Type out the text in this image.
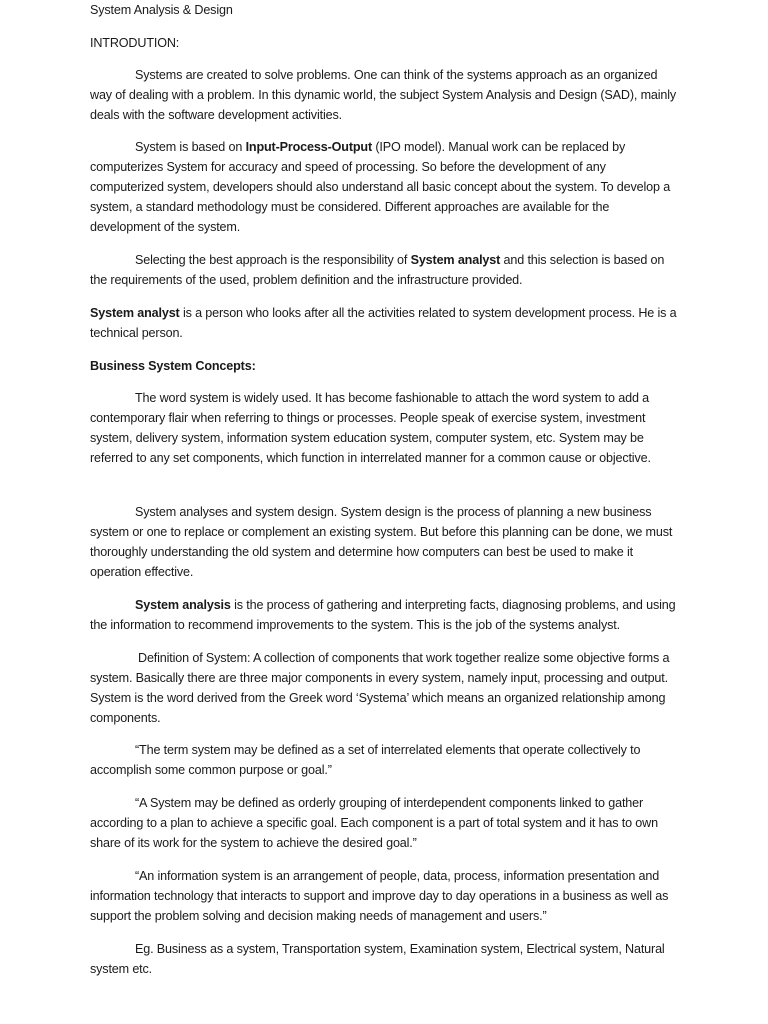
System Analysis & Design
INTRODUTION:

Systems are created to solve problems. One can think of the systems approach as an organized way of dealing with a problem. In this dynamic world, the subject System Analysis and Design (SAD), mainly deals with the software development activities.

System is based on Input-Process-Output (IPO model). Manual work can be replaced by computerizes System for accuracy and speed of processing. So before the development of any computerized system, developers should also understand all basic concept about the system. To develop a system, a standard methodology must be considered. Different approaches are available for the development of the system.

Selecting the best approach is the responsibility of System analyst and this selection is based on the requirements of the used, problem definition and the infrastructure provided.

System analyst is a person who looks after all the activities related to system development process. He is a technical person.

Business System Concepts:

The word system is widely used. It has become fashionable to attach the word system to add a contemporary flair when referring to things or processes. People speak of exercise system, investment system, delivery system, information system education system, computer system, etc. System may be referred to any set components, which function in interrelated manner for a common cause or objective.

System analyses and system design. System design is the process of planning a new business system or one to replace or complement an existing system. But before this planning can be done, we must thoroughly understanding the old system and determine how computers can best be used to make it operation effective.

System analysis is the process of gathering and interpreting facts, diagnosing problems, and using the information to recommend improvements to the system. This is the job of the systems analyst.

Definition of System: A collection of components that work together realize some objective forms a system. Basically there are three major components in every system, namely input, processing and output. System is the word derived from the Greek word ‘Systema’ which means an organized relationship among components.

“The term system may be defined as a set of interrelated elements that operate collectively to accomplish some common purpose or goal.”

“A System may be defined as orderly grouping of interdependent components linked to gather according to a plan to achieve a specific goal. Each component is a part of total system and it has to own share of its work for the system to achieve the desired goal.”

“An information system is an arrangement of people, data, process, information presentation and information technology that interacts to support and improve day to day operations in a business as well as support the problem solving and decision making needs of management and users.”

Eg. Business as a system, Transportation system, Examination system, Electrical system, Natural system etc.
